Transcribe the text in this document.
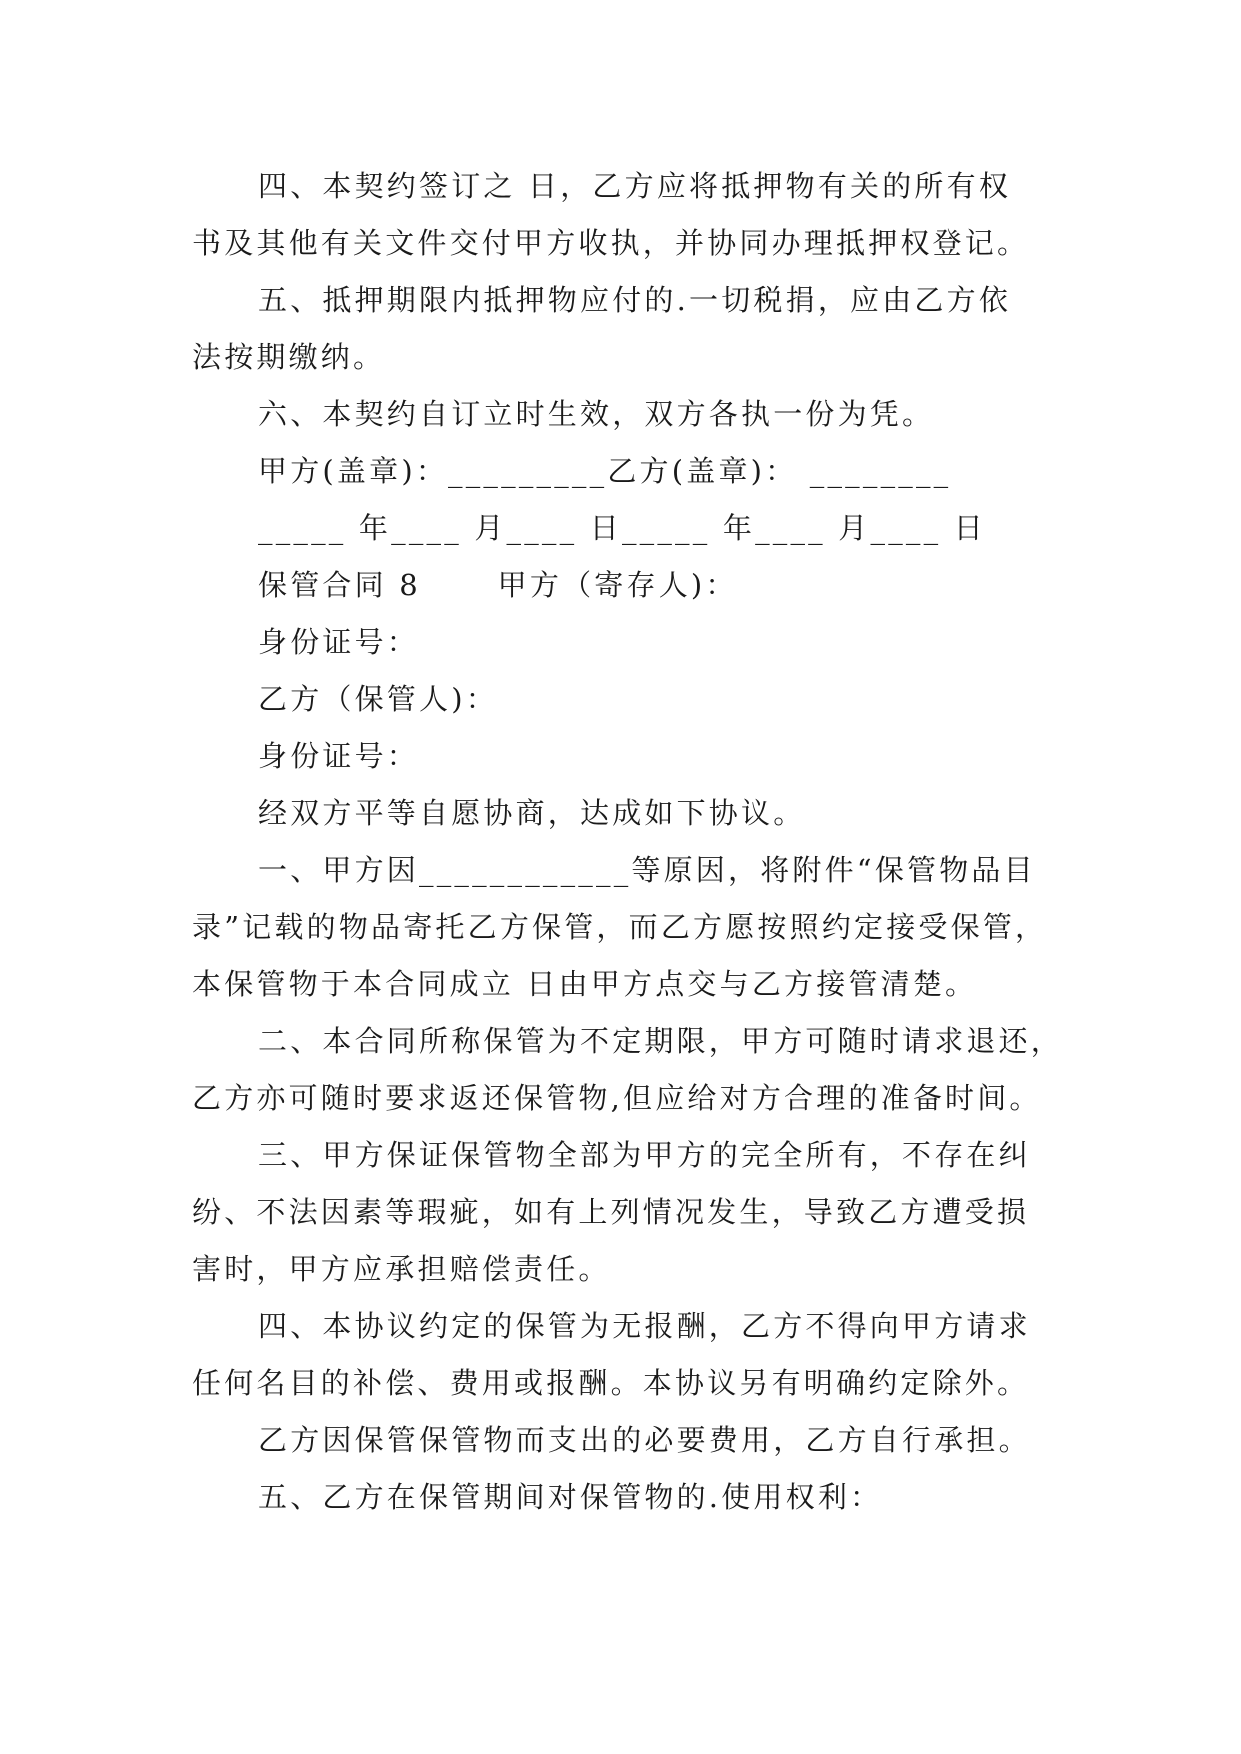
四、本契约签订之 日，乙方应将抵押物有关的所有权
书及其他有关文件交付甲方收执，并协同办理抵押权登记。
五、抵押期限内抵押物应付的.一切税捐，应由乙方依
法按期缴纳。
六、本契约自订立时生效，双方各执一份为凭。
甲方(盖章)：_________乙方(盖章)： ________
_____ 年____ 月____ 日_____ 年____ 月____ 日
保管合同 8　　 甲方（寄存人)：
身份证号：
乙方（保管人)：
身份证号：
经双方平等自愿协商，达成如下协议。
一、甲方因____________等原因，将附件“保管物品目
录”记载的物品寄托乙方保管，而乙方愿按照约定接受保管，
本保管物于本合同成立 日由甲方点交与乙方接管清楚。
二、本合同所称保管为不定期限，甲方可随时请求退还，
乙方亦可随时要求返还保管物,但应给对方合理的准备时间。
三、甲方保证保管物全部为甲方的完全所有，不存在纠
纷、不法因素等瑕疵，如有上列情况发生，导致乙方遭受损
害时，甲方应承担赔偿责任。
四、本协议约定的保管为无报酬，乙方不得向甲方请求
任何名目的补偿、费用或报酬。本协议另有明确约定除外。
乙方因保管保管物而支出的必要费用，乙方自行承担。
五、乙方在保管期间对保管物的.使用权利：
